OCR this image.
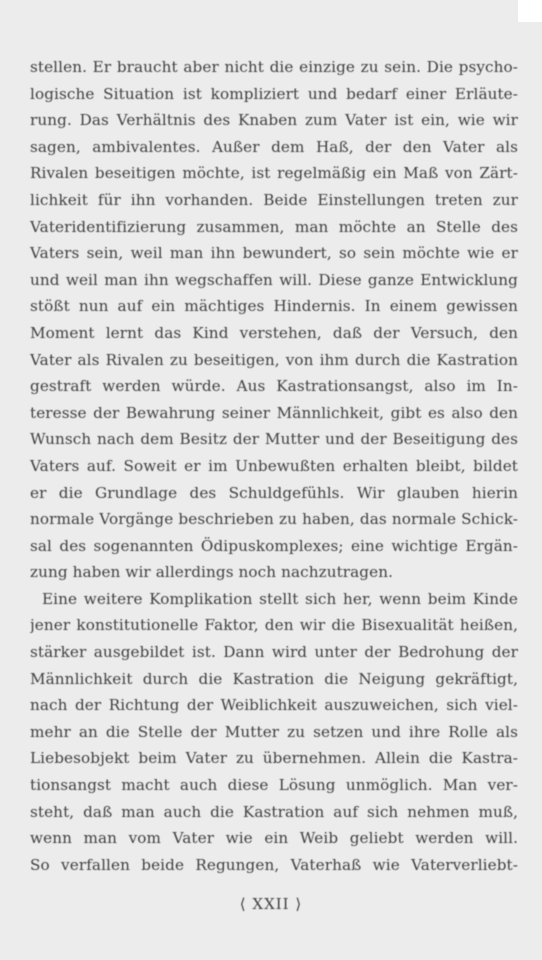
stellen. Er braucht aber nicht die einzige zu sein. Die psycho-
logische Situation ist kompliziert und bedarf einer Erläute-
rung. Das Verhältnis des Knaben zum Vater ist ein, wie wir
sagen, ambivalentes. Außer dem Haß, der den Vater als
Rivalen beseitigen möchte, ist regelmäßig ein Maß von Zärt-
lichkeit für ihn vorhanden. Beide Einstellungen treten zur
Vateridentifizierung zusammen, man möchte an Stelle des
Vaters sein, weil man ihn bewundert, so sein möchte wie er
und weil man ihn wegschaffen will. Diese ganze Entwicklung
stößt nun auf ein mächtiges Hindernis. In einem gewissen
Moment lernt das Kind verstehen, daß der Versuch, den
Vater als Rivalen zu beseitigen, von ihm durch die Kastration
gestraft werden würde. Aus Kastrationsangst, also im In-
teresse der Bewahrung seiner Männlichkeit, gibt es also den
Wunsch nach dem Besitz der Mutter und der Beseitigung des
Vaters auf. Soweit er im Unbewußten erhalten bleibt, bildet
er die Grundlage des Schuldgefühls. Wir glauben hierin
normale Vorgänge beschrieben zu haben, das normale Schick-
sal des sogenannten Ödipuskomplexes; eine wichtige Ergän-
zung haben wir allerdings noch nachzutragen.
Eine weitere Komplikation stellt sich her, wenn beim Kinde
jener konstitutionelle Faktor, den wir die Bisexualität heißen,
stärker ausgebildet ist. Dann wird unter der Bedrohung der
Männlichkeit durch die Kastration die Neigung gekräftigt,
nach der Richtung der Weiblichkeit auszuweichen, sich viel-
mehr an die Stelle der Mutter zu setzen und ihre Rolle als
Liebesobjekt beim Vater zu übernehmen. Allein die Kastra-
tionsangst macht auch diese Lösung unmöglich. Man ver-
steht, daß man auch die Kastration auf sich nehmen muß,
wenn man vom Vater wie ein Weib geliebt werden will.
So verfallen beide Regungen, Vaterhaß wie Vaterverliebt-
⟨ XXII ⟩
